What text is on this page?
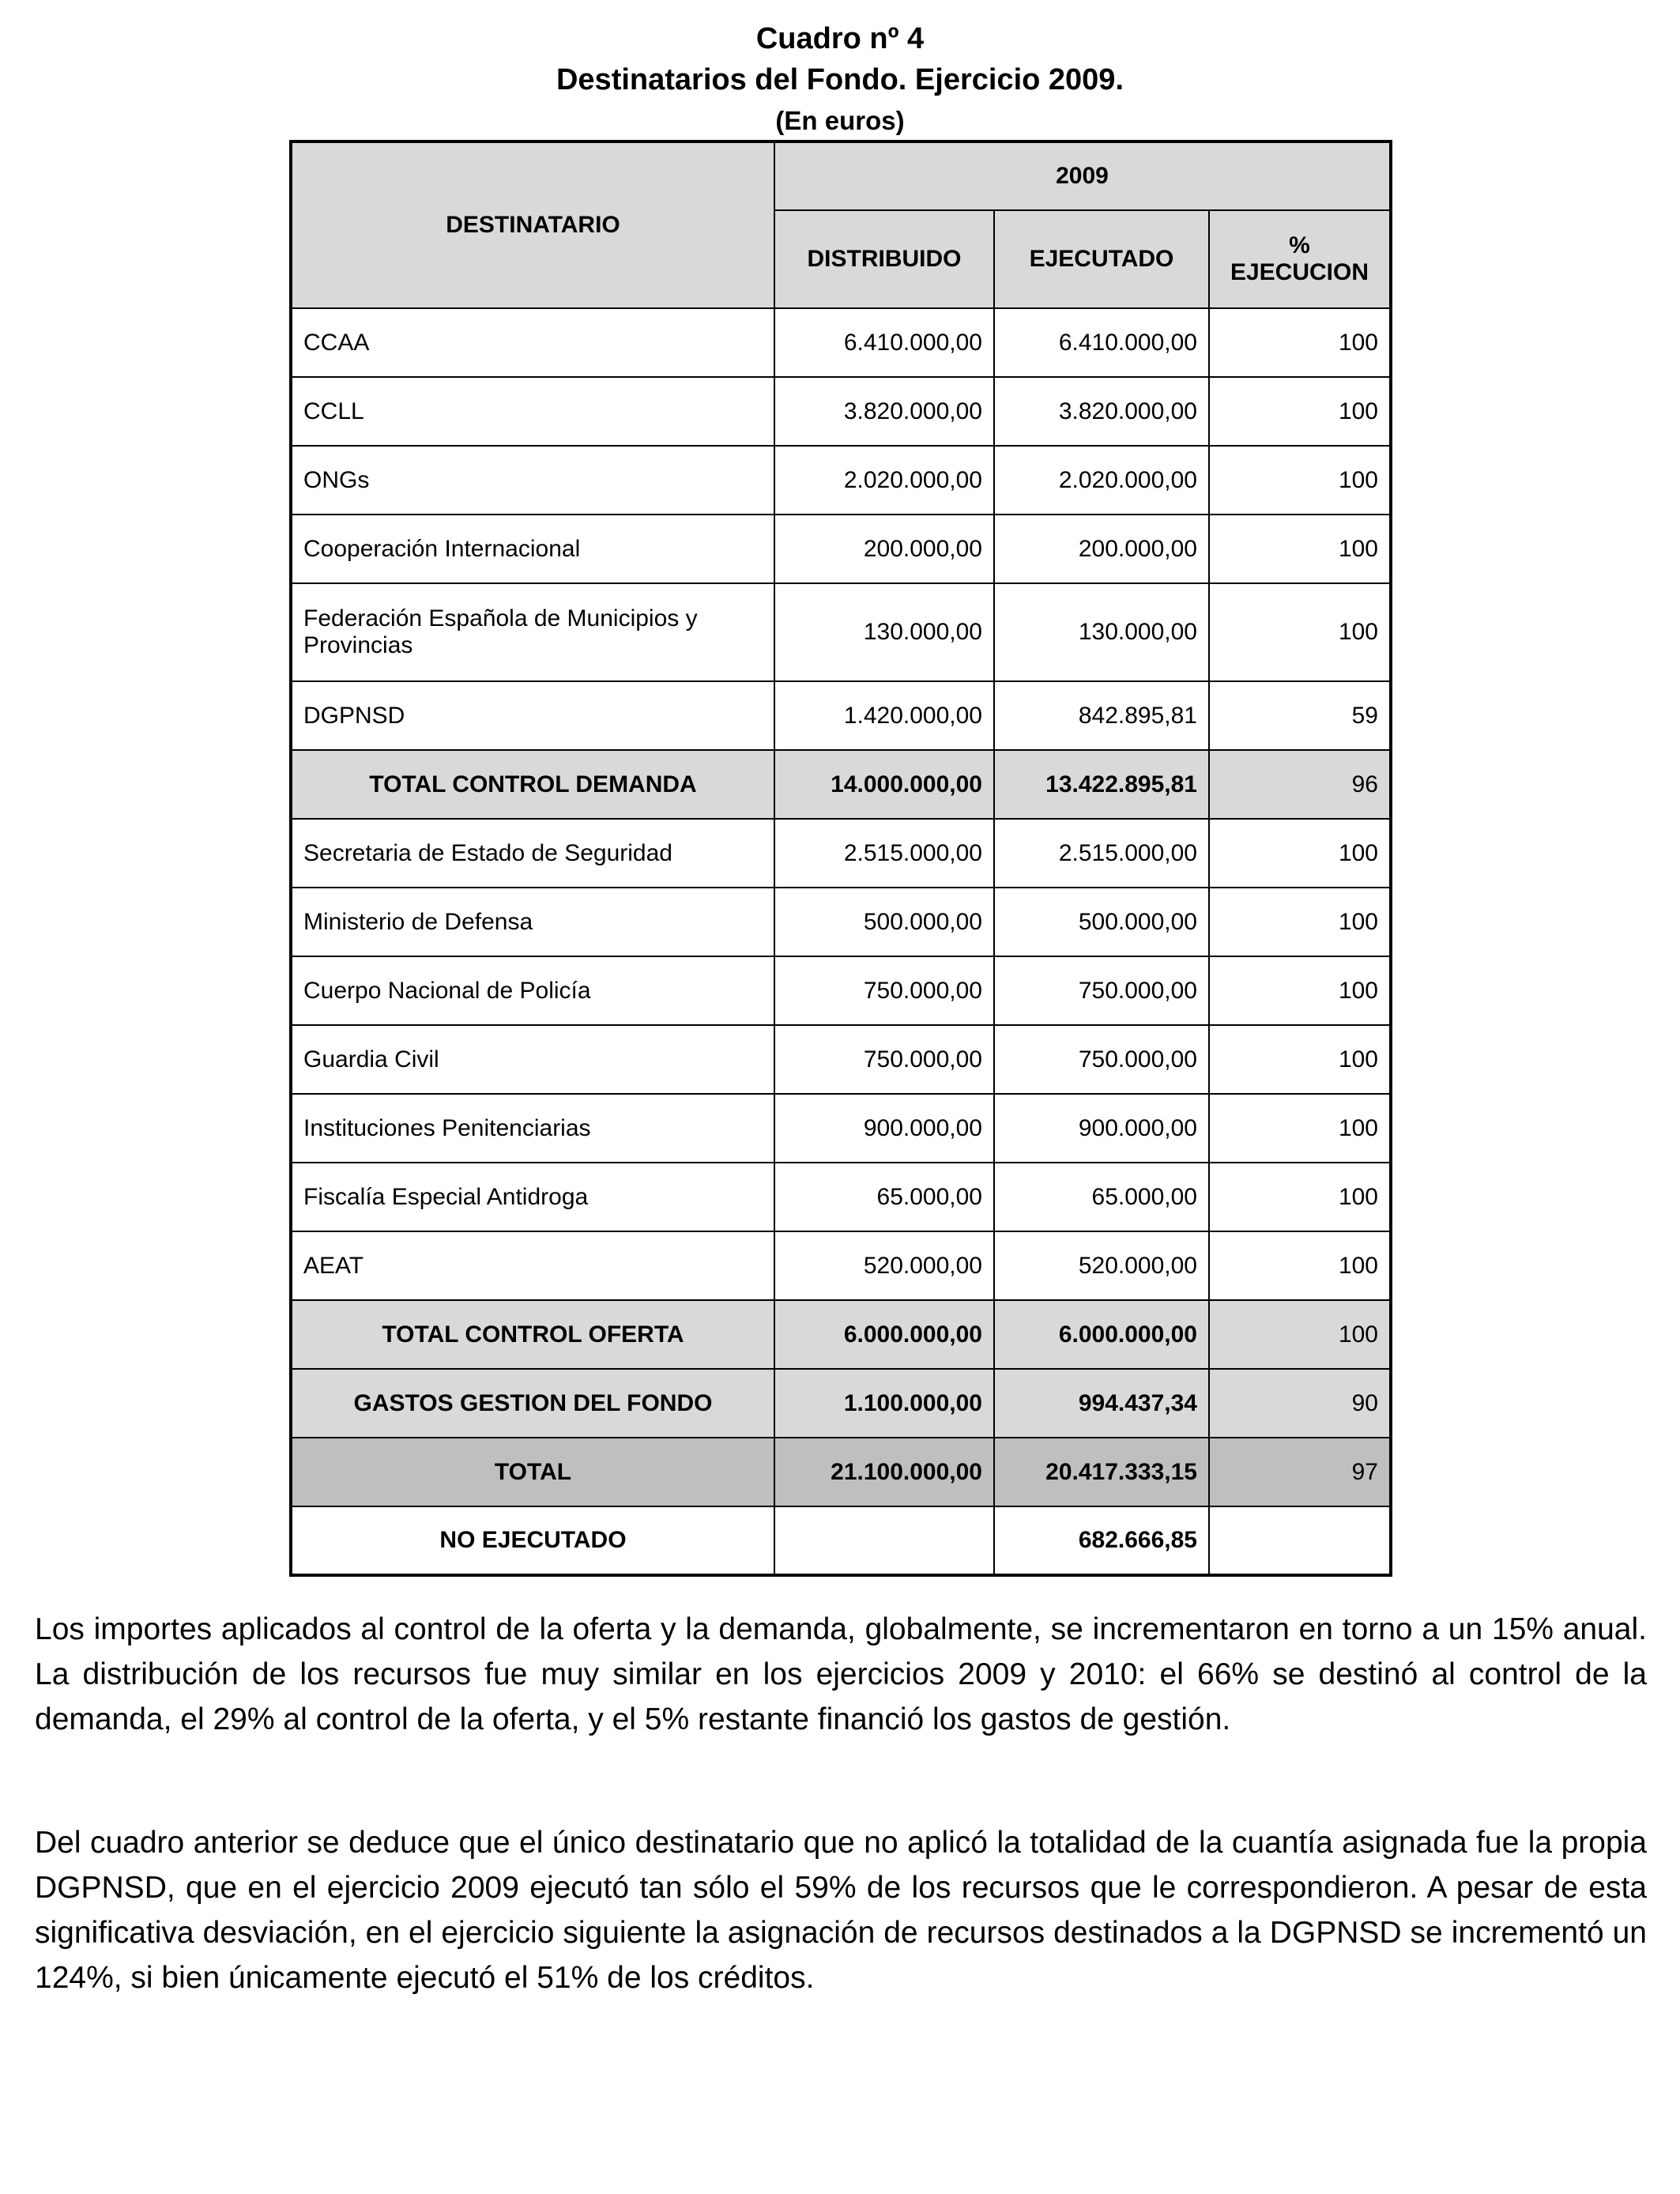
Cuadro nº 4
Destinatarios del Fondo. Ejercicio 2009.
(En euros)
DESTINATARIO	2009		
	DISTRIBUIDO	EJECUTADO	%
EJECUCION
CCAA	6.410.000,00	6.410.000,00	100
CCLL	3.820.000,00	3.820.000,00	100
ONGs	2.020.000,00	2.020.000,00	100
Cooperación Internacional	200.000,00	200.000,00	100
Federación Española de Municipios y Provincias	130.000,00	130.000,00	100
DGPNSD	1.420.000,00	842.895,81	59
TOTAL CONTROL DEMANDA	14.000.000,00	13.422.895,81	96
Secretaria de Estado de Seguridad	2.515.000,00	2.515.000,00	100
Ministerio de Defensa	500.000,00	500.000,00	100
Cuerpo Nacional de Policía	750.000,00	750.000,00	100
Guardia Civil	750.000,00	750.000,00	100
Instituciones Penitenciarias	900.000,00	900.000,00	100
Fiscalía Especial Antidroga	65.000,00	65.000,00	100
AEAT	520.000,00	520.000,00	100
TOTAL CONTROL OFERTA	6.000.000,00	6.000.000,00	100
GASTOS GESTION DEL FONDO	1.100.000,00	994.437,34	90
TOTAL	21.100.000,00	20.417.333,15	97
NO EJECUTADO		682.666,85	

Los importes aplicados al control de la oferta y la demanda, globalmente, se incrementaron en torno a un 15% anual. La distribución de los recursos fue muy similar en los ejercicios 2009 y 2010: el 66% se destinó al control de la demanda, el 29% al control de la oferta, y el 5% restante financió los gastos de gestión.

Del cuadro anterior se deduce que el único destinatario que no aplicó la totalidad de la cuantía asignada fue la propia DGPNSD, que en el ejercicio 2009 ejecutó tan sólo el 59% de los recursos que le correspondieron. A pesar de esta significativa desviación, en el ejercicio siguiente la asignación de recursos destinados a la DGPNSD se incrementó un 124%, si bien únicamente ejecutó el 51% de los créditos.
